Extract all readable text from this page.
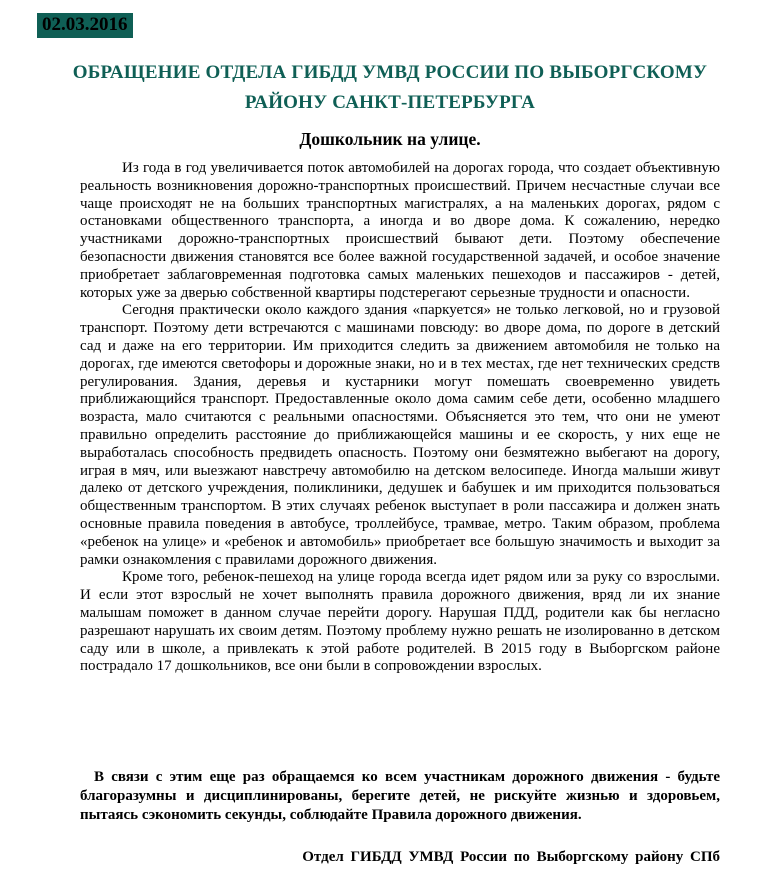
02.03.2016
ОБРАЩЕНИЕ ОТДЕЛА ГИБДД УМВД РОССИИ ПО ВЫБОРГСКОМУ РАЙОНУ САНКТ-ПЕТЕРБУРГА
Дошкольник на улице.

Из года в год увеличивается поток автомобилей на дорогах города, что создает объективную реальность возникновения дорожно-транспортных происшествий. Причем несчастные случаи все чаще происходят не на больших транспортных магистралях, а на маленьких дорогах, рядом с остановками общественного транспорта, а иногда и во дворе дома. К сожалению, нередко участниками дорожно-транспортных происшествий бывают дети. Поэтому обеспечение безопасности движения становятся все более важной государственной задачей, и особое значение приобретает заблаговременная подготовка самых маленьких пешеходов и пассажиров - детей, которых уже за дверью собственной квартиры подстерегают серьезные трудности и опасности.

Сегодня практически около каждого здания «паркуется» не только легковой, но и грузовой транспорт. Поэтому дети встречаются с машинами повсюду: во дворе дома, по дороге в детский сад и даже на его территории. Им приходится следить за движением автомобиля не только на дорогах, где имеются светофоры и дорожные знаки, но и в тех местах, где нет технических средств регулирования. Здания, деревья и кустарники могут помешать своевременно увидеть приближающийся транспорт. Предоставленные около дома самим себе дети, особенно младшего возраста, мало считаются с реальными опасностями. Объясняется это тем, что они не умеют правильно определить расстояние до приближающейся машины и ее скорость, у них еще не выработалась способность предвидеть опасность. Поэтому они безмятежно выбегают на дорогу, играя в мяч, или выезжают навстречу автомобилю на детском велосипеде. Иногда малыши живут далеко от детского учреждения, поликлиники, дедушек и бабушек и им приходится пользоваться общественным транспортом. В этих случаях ребенок выступает в роли пассажира и должен знать основные правила поведения в автобусе, троллейбусе, трамвае, метро. Таким образом, проблема «ребенок на улице» и «ребенок и автомобиль» приобретает все большую значимость и выходит за рамки ознакомления с правилами дорожного движения.

Кроме того, ребенок-пешеход на улице города всегда идет рядом или за руку со взрослыми. И если этот взрослый не хочет выполнять правила дорожного движения, вряд ли их знание малышам поможет в данном случае перейти дорогу. Нарушая ПДД, родители как бы негласно разрешают нарушать их своим детям. Поэтому проблему нужно решать не изолированно в детском саду или в школе, а привлекать к этой работе родителей. В 2015 году в Выборгском районе пострадало 17 дошкольников, все они были в сопровождении взрослых.

В связи с этим еще раз обращаемся ко всем участникам дорожного движения - будьте благоразумны и дисциплинированы, берегите детей, не рискуйте жизнью и здоровьем, пытаясь сэкономить секунды, соблюдайте Правила дорожного движения.
Отдел ГИБДД УМВД России по Выборгскому району СПб
